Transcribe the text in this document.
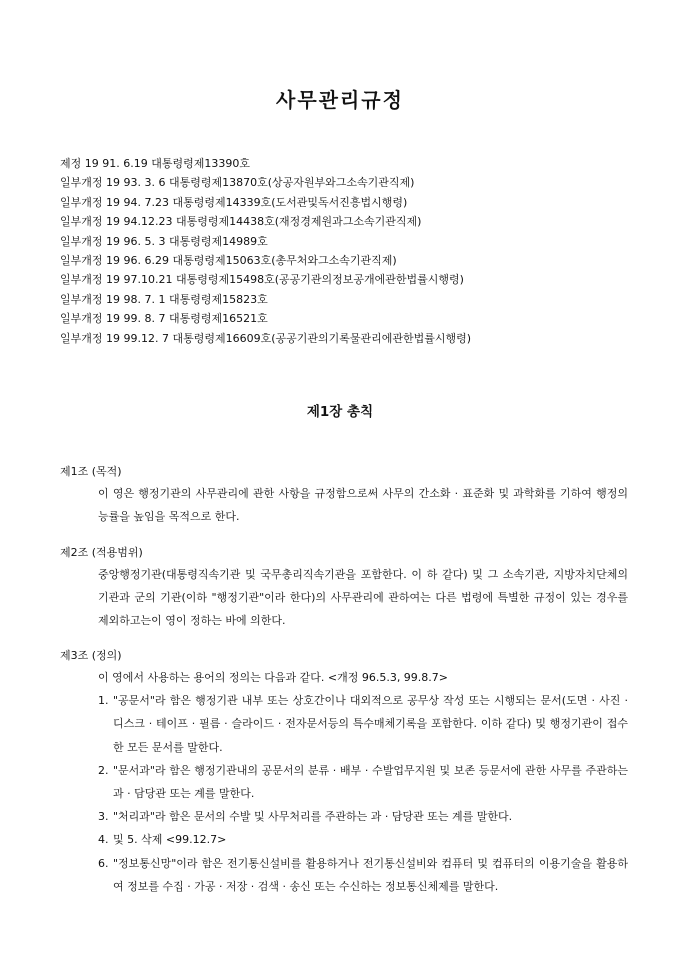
사무관리규정
제정 19 91. 6.19 대통령령제13390호
일부개정 19 93. 3. 6 대통령령제13870호(상공자원부와그소속기관직제)
일부개정 19 94. 7.23 대통령령제14339호(도서관및독서진흥법시행령)
일부개정 19 94.12.23 대통령령제14438호(재정경제원과그소속기관직제)
일부개정 19 96. 5. 3 대통령령제14989호
일부개정 19 96. 6.29 대통령령제15063호(총무처와그소속기관직제)
일부개정 19 97.10.21 대통령령제15498호(공공기관의정보공개에관한법률시행령)
일부개정 19 98. 7. 1 대통령령제15823호
일부개정 19 99. 8. 7 대통령령제16521호
일부개정 19 99.12. 7 대통령령제16609호(공공기관의기록물관리에관한법률시행령)
제1장 총칙
제1조 (목적)
이 영은 행정기관의 사무관리에 관한 사항을 규정함으로써 사무의 간소화 · 표준화 및 과학화를 기하여 행정의 능률을 높임을 목적으로 한다.
제2조 (적용범위)
중앙행정기관(대통령직속기관 및 국무총리직속기관을 포함한다. 이 하 같다) 및 그 소속기관, 지방자치단체의 기관과 군의 기관(이하 "행정기관"이라 한다)의 사무관리에 관하여는 다른 법령에 특별한 규정이 있는 경우를 제외하고는이 영이 정하는 바에 의한다.
제3조 (정의)
이 영에서 사용하는 용어의 정의는 다음과 같다. <개정 96.5.3, 99.8.7>
1. "공문서"라 함은 행정기관 내부 또는 상호간이나 대외적으로 공무상 작성 또는 시행되는 문서(도면 · 사진 · 디스크 · 테이프 · 필름 · 슬라이드 · 전자문서등의 특수매체기록을 포함한다. 이하 같다) 및 행정기관이 접수한 모든 문서를 말한다.
2. "문서과"라 함은 행정기관내의 공문서의 분류 · 배부 · 수발업무지원 및 보존 등문서에 관한 사무를 주관하는 과 · 담당관 또는 계를 말한다.
3. "처리과"라 함은 문서의 수발 및 사무처리를 주관하는 과 · 담당관 또는 계를 말한다.
4. 및 5. 삭제 <99.12.7>
6. "정보통신망"이라 함은 전기통신설비를 활용하거나 전기통신설비와 컴퓨터 및 컴퓨터의 이용기술을 활용하여 정보를 수집 · 가공 · 저장 · 검색 · 송신 또는 수신하는 정보통신체제를 말한다.
